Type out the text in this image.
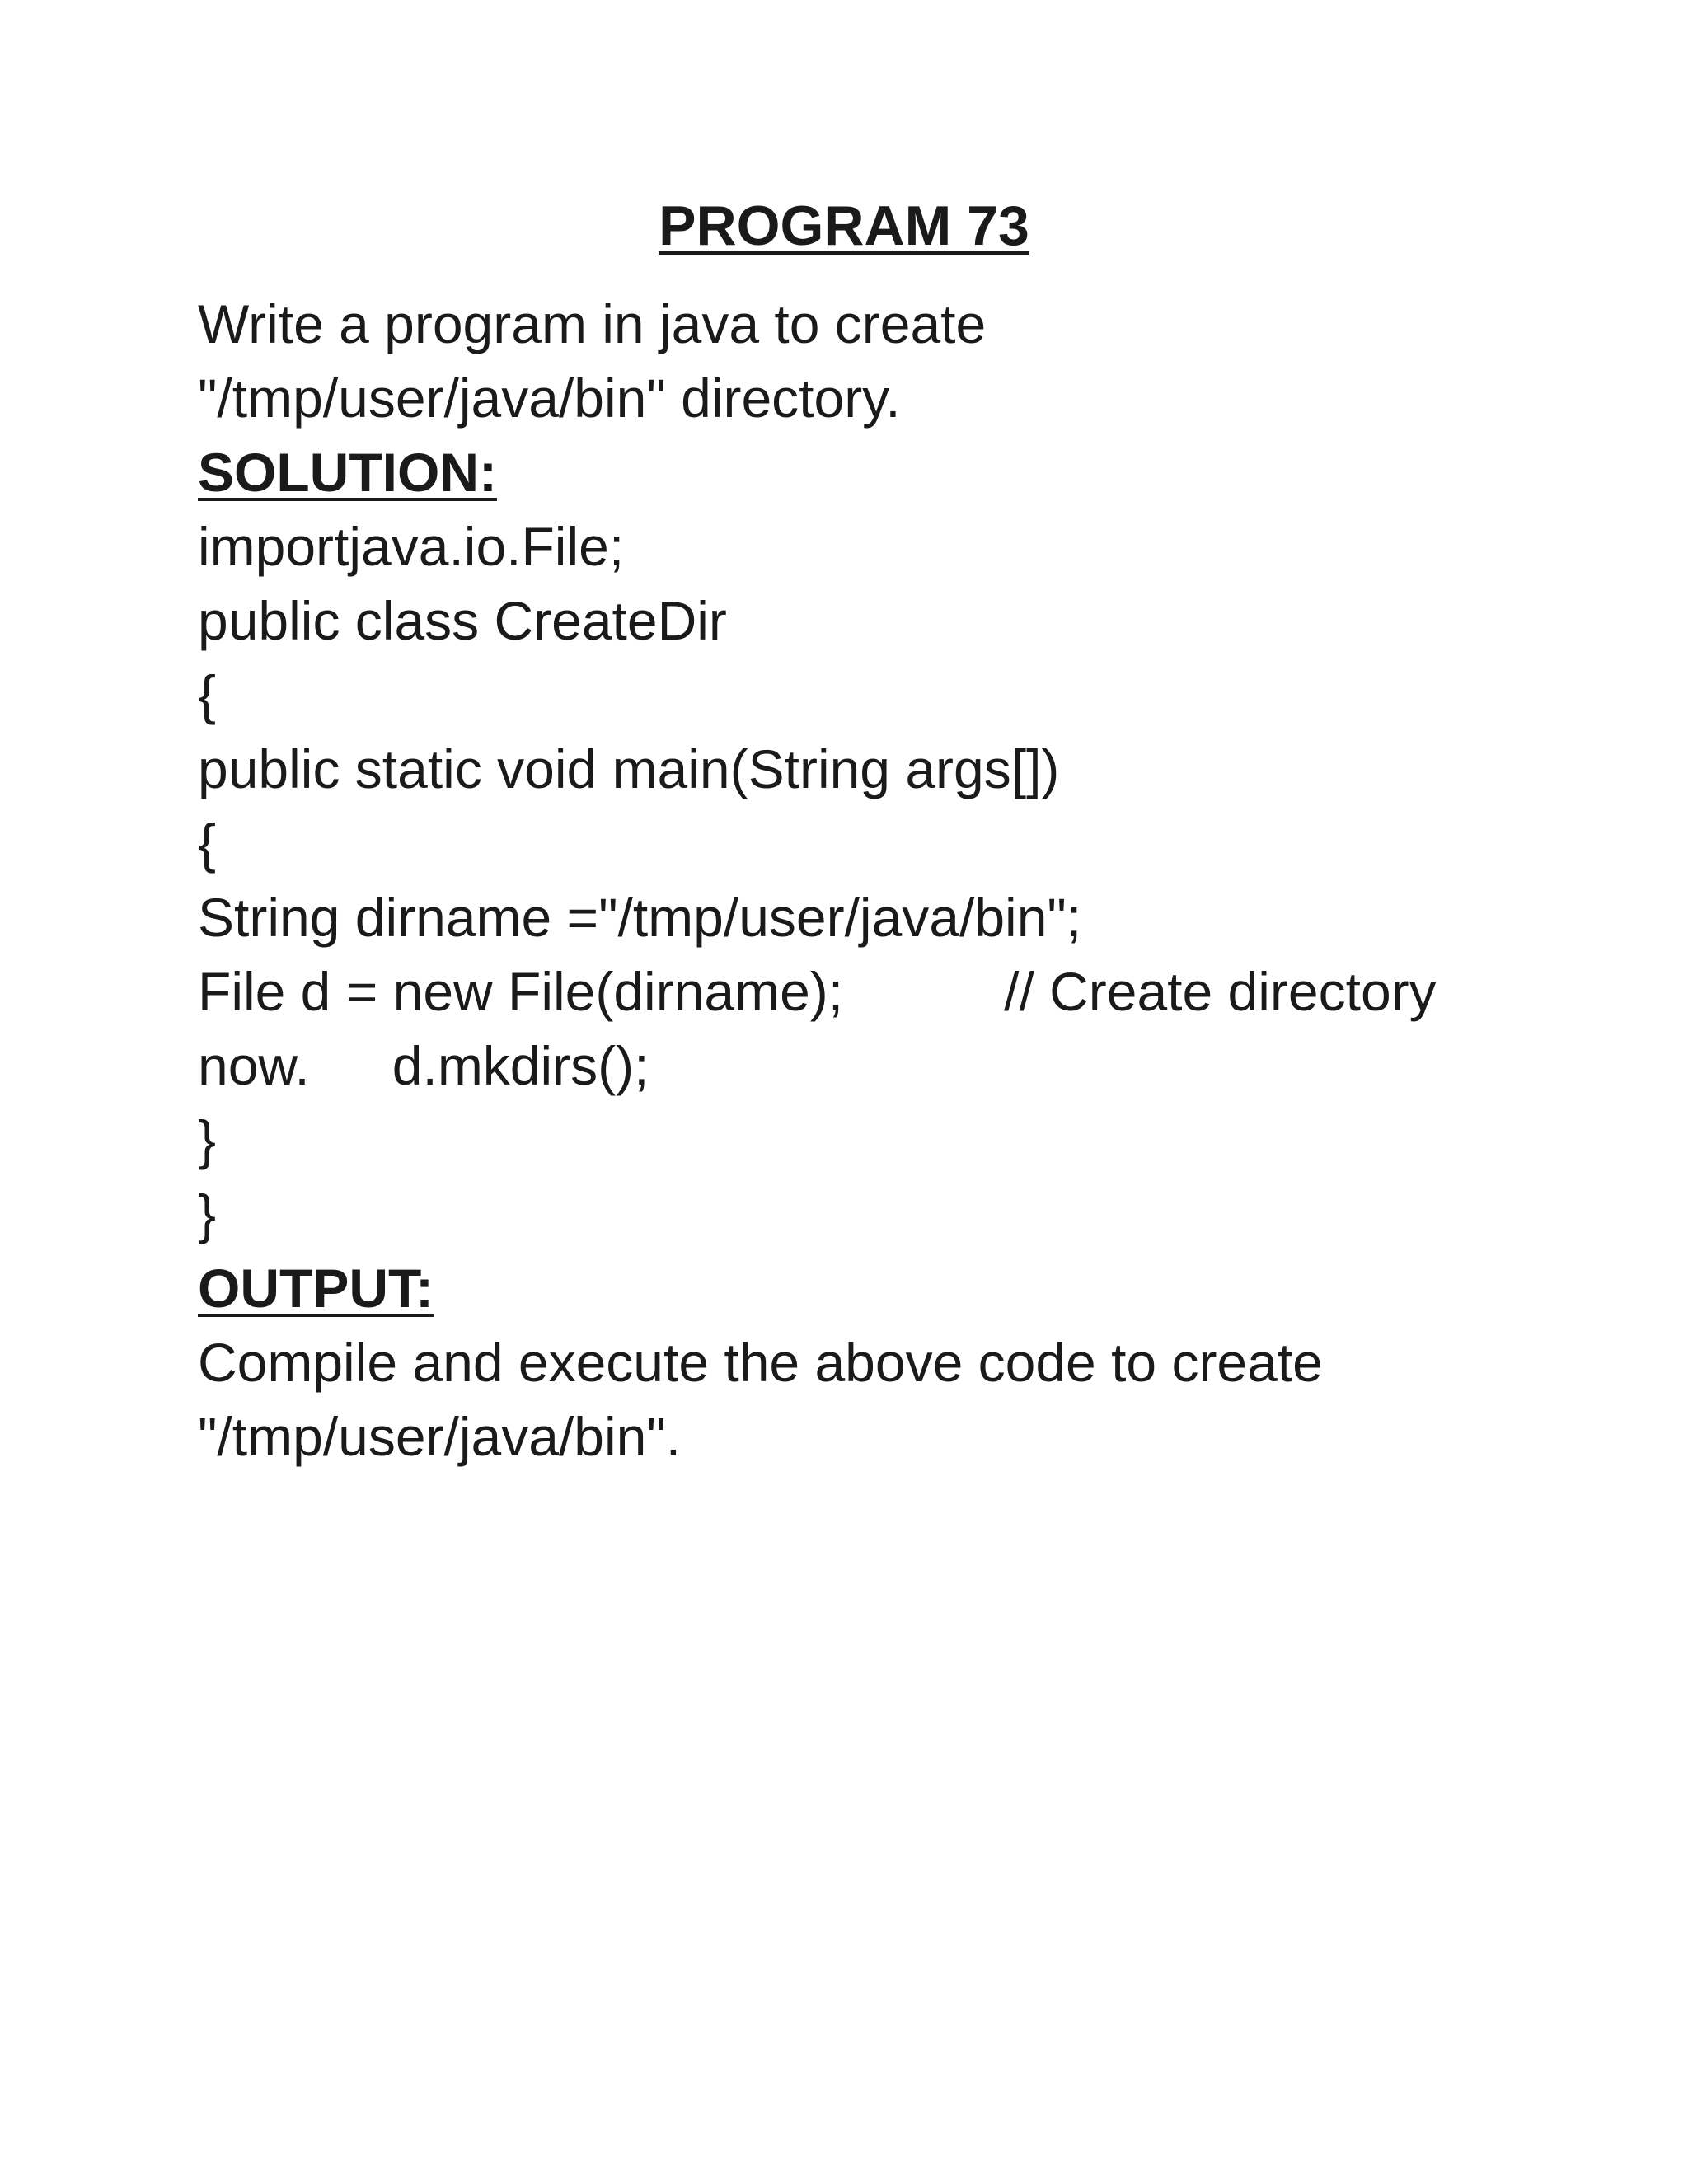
PROGRAM 73
Write a program in java to create
"/tmp/user/java/bin" directory.
SOLUTION:
importjava.io.File;
public class CreateDir
{
public static void main(String args[])
{
String dirname ="/tmp/user/java/bin";
File d = new File(dirname);	// Create directory
now. d.mkdirs();
}
}
OUTPUT:
Compile and execute the above code to create
"/tmp/user/java/bin".
